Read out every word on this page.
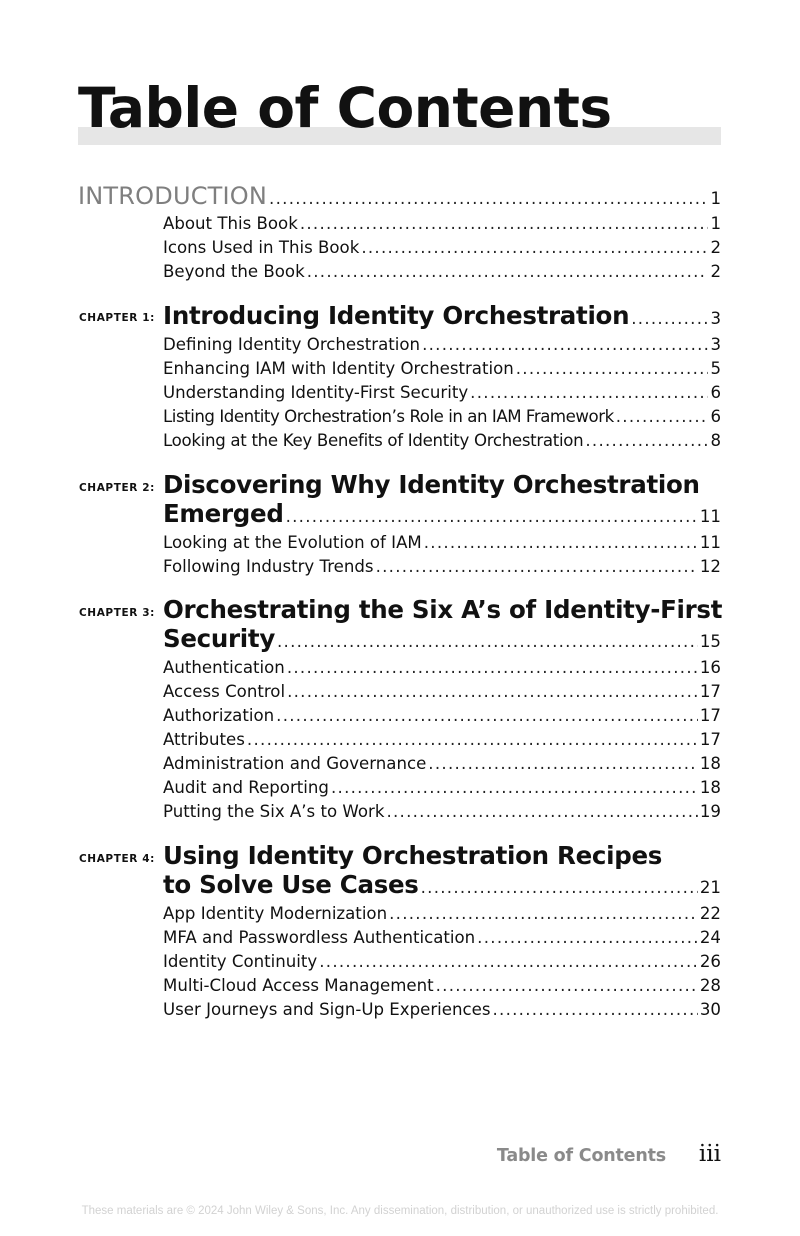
Table of Contents
INTRODUCTION . . .	1
About This Book . . .	1
Icons Used in This Book . . .	2
Beyond the Book . . .	2
CHAPTER 1: Introducing Identity Orchestration . . .	3
Defining Identity Orchestration . . .	3
Enhancing IAM with Identity Orchestration . . .	5
Understanding Identity-First Security . . .	6
Listing Identity Orchestration’s Role in an IAM Framework . . .	6
Looking at the Key Benefits of Identity Orchestration . . .	8
CHAPTER 2: Discovering Why Identity Orchestration
Emerged . . .	11
Looking at the Evolution of IAM . . .	11
Following Industry Trends . . .	12
CHAPTER 3: Orchestrating the Six A’s of Identity-First
Security . . .	15
Authentication . . .	16
Access Control . . .	17
Authorization . . .	17
Attributes . . .	17
Administration and Governance . . .	18
Audit and Reporting . . .	18
Putting the Six A’s to Work . . .	19
CHAPTER 4: Using Identity Orchestration Recipes
to Solve Use Cases . . .	21
App Identity Modernization . . .	22
MFA and Passwordless Authentication . . .	24
Identity Continuity . . .	26
Multi-Cloud Access Management . . .	28
User Journeys and Sign-Up Experiences . . .	30
Table of Contents iii
These materials are © 2024 John Wiley & Sons, Inc. Any dissemination, distribution, or unauthorized use is strictly prohibited.
